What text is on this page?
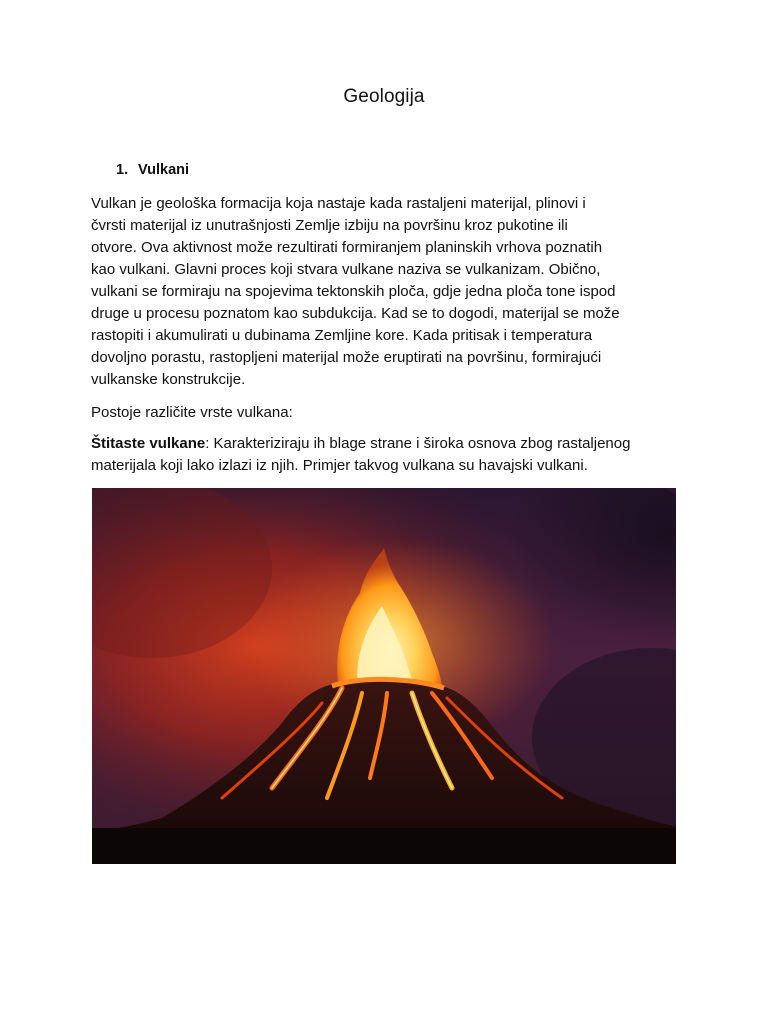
Geologija
1. Vulkani
Vulkan je geološka formacija koja nastaje kada rastaljeni materijal, plinovi i
čvrsti materijal iz unutrašnjosti Zemlje izbiju na površinu kroz pukotine ili
otvore. Ova aktivnost može rezultirati formiranjem planinskih vrhova poznatih
kao vulkani. Glavni proces koji stvara vulkane naziva se vulkanizam. Obično,
vulkani se formiraju na spojevima tektonskih ploča, gdje jedna ploča tone ispod
druge u procesu poznatom kao subdukcija. Kad se to dogodi, materijal se može
rastopiti i akumulirati u dubinama Zemljine kore. Kada pritisak i temperatura
dovoljno porastu, rastopljeni materijal može eruptirati na površinu, formirajući
vulkanske konstrukcije.

Postoje različite vrste vulkana:

Štitaste vulkane: Karakteriziraju ih blage strane i široka osnova zbog rastaljenog
materijala koji lako izlazi iz njih. Primjer takvog vulkana su havajski vulkani.
